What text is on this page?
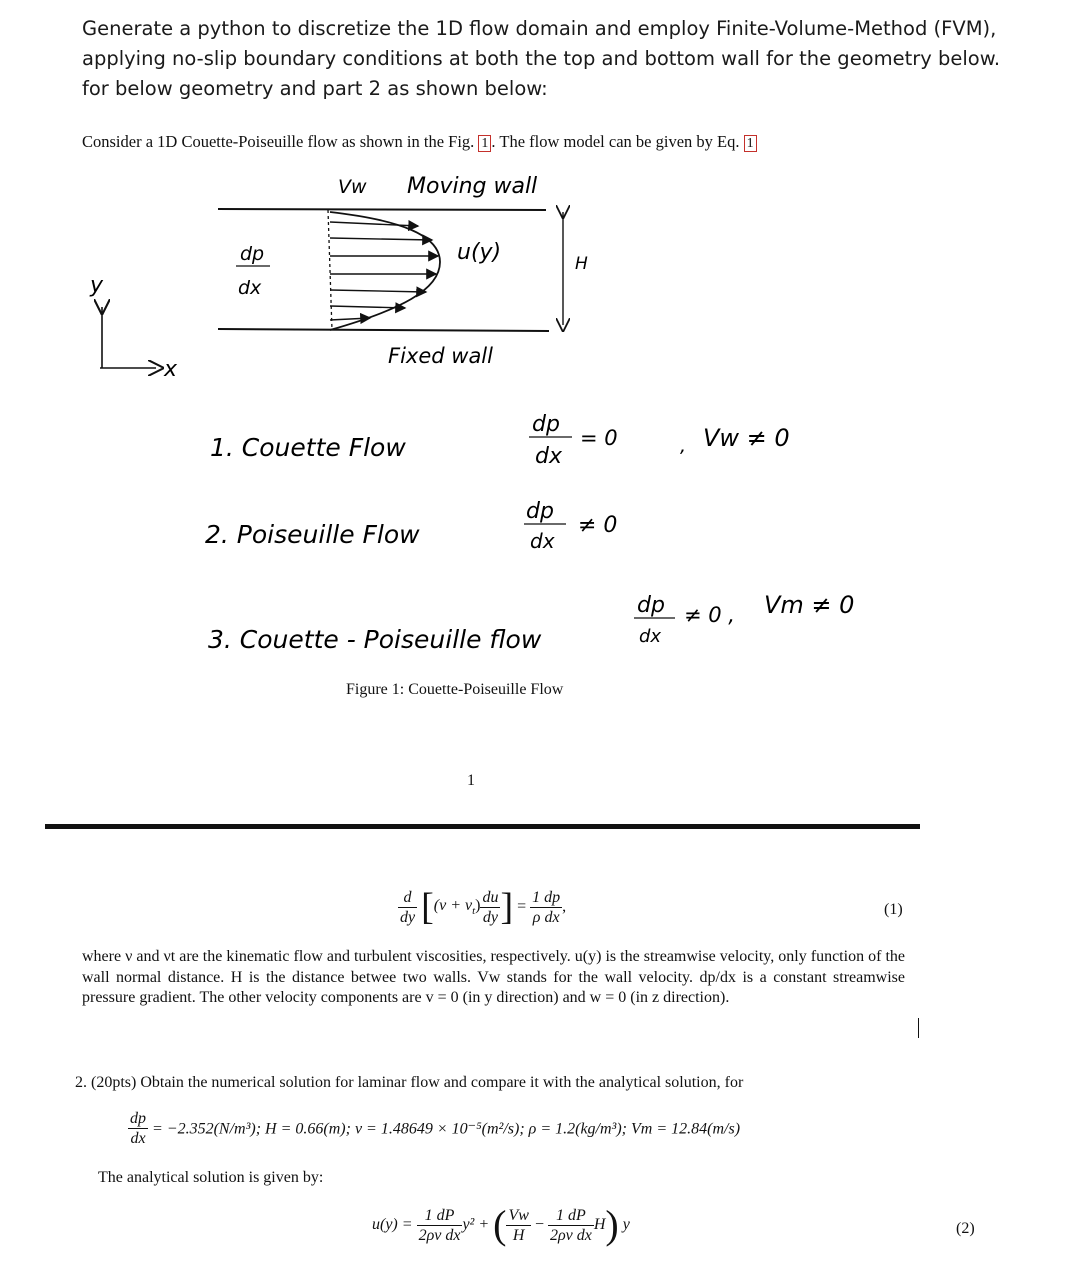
Generate a python to discretize the 1D flow domain and employ Finite-Volume-Method (FVM), applying no-slip boundary conditions at both the top and bottom wall for the geometry below. for below geometry and part 2 as shown below:
Consider a 1D Couette-Poiseuille flow as shown in the Fig. 1 . The flow model can be given by Eq. 1
Vw Moving wall
dp
dx
u(y)	H
y
x
Fixed wall
1. Couette Flow
dp
dx
= 0	, Vw ≠ 0
2. Poiseuille Flow
dp
dx
≠ 0
3. Couette - Poiseuille flow
dp
dx
≠ 0 , Vm ≠ 0
Figure 1: Couette-Poiseuille Flow
1
$\frac{d}{dy} [(\nu + \nu_t) \frac{du}{dy}$ ] = $\frac{1 dp}{\text{ρ dx}}$ ,	(1)
where ν and νt are the kinematic flow and turbulent viscosities, respectively. u(y) is the streamwise velocity, only function of the wall normal distance. H is the distance betwee two walls. Vw stands for the wall velocity. dp/dx is a constant streamwise pressure gradient. The other velocity components are v = 0 (in y direction) and w = 0 (in z direction).
2. (20pts) Obtain the numerical solution for laminar flow and compare it with the analytical solution, for
$\frac{dp}{dx} = -2.352(N/m^3)$; H = 0.66(m); ν = 1.48649 × 10⁻⁵(m²/s); ρ = 1.2(kg/m³); Vm = 12.84(m/s)
The analytical solution is given by:
$u(y) = \frac{1 dP}{\text{2ρν dx}} y^2$ + ( $\frac{Vw}{H} - \frac{1 dP}{\text{2ρν dx}} H$) y	(2)
